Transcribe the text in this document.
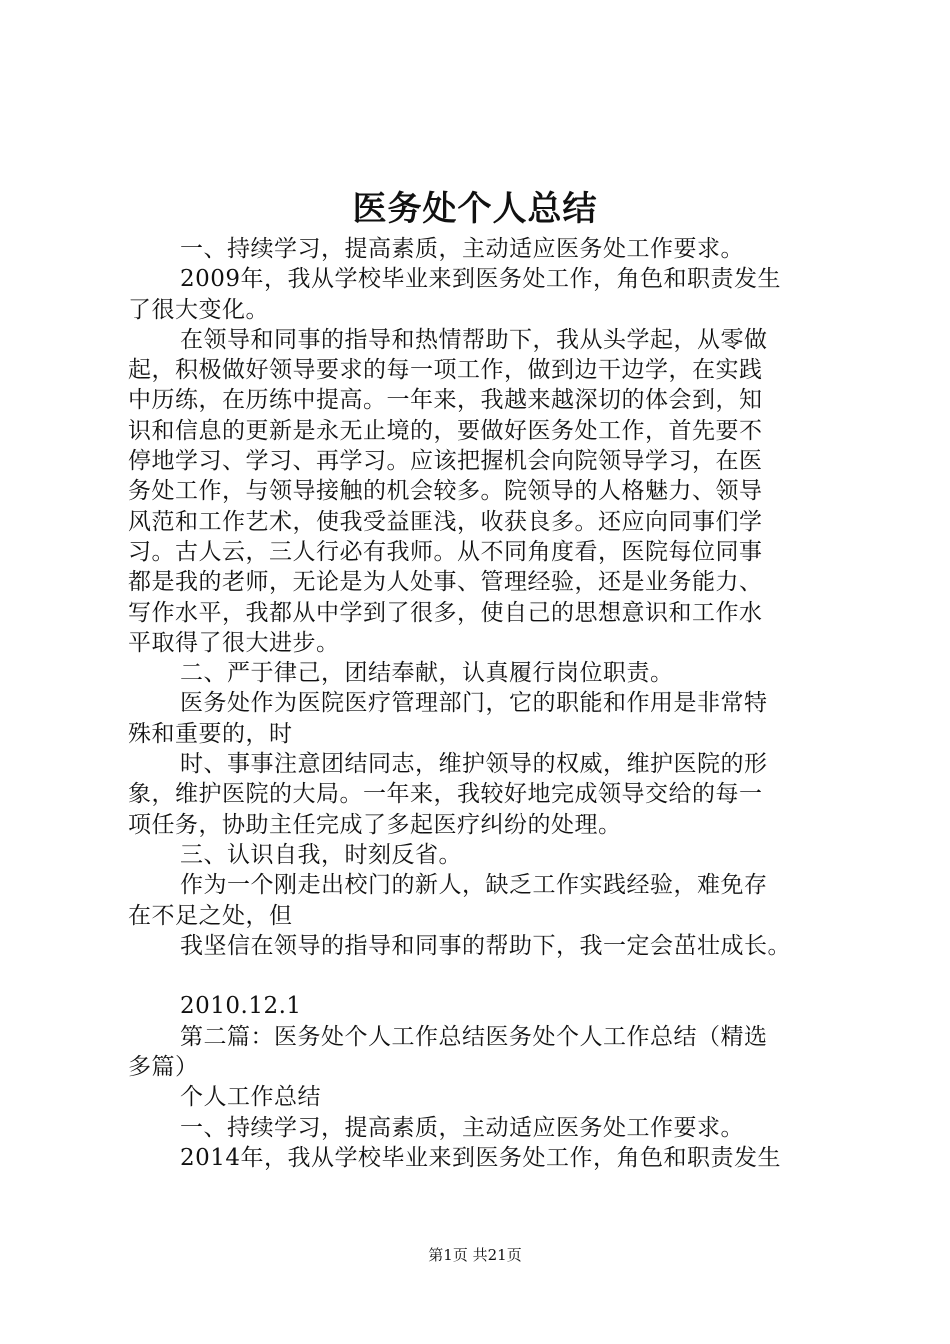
医务处个人总结
一、持续学习，提高素质，主动适应医务处工作要求。
2009年，我从学校毕业来到医务处工作，角色和职责发生
了很大变化。
在领导和同事的指导和热情帮助下，我从头学起，从零做
起，积极做好领导要求的每一项工作，做到边干边学，在实践
中历练，在历练中提高。一年来，我越来越深切的体会到，知
识和信息的更新是永无止境的，要做好医务处工作，首先要不
停地学习、学习、再学习。应该把握机会向院领导学习，在医
务处工作，与领导接触的机会较多。院领导的人格魅力、领导
风范和工作艺术，使我受益匪浅，收获良多。还应向同事们学
习。古人云，三人行必有我师。从不同角度看，医院每位同事
都是我的老师，无论是为人处事、管理经验，还是业务能力、
写作水平，我都从中学到了很多，使自己的思想意识和工作水
平取得了很大进步。
二、严于律己，团结奉献，认真履行岗位职责。
医务处作为医院医疗管理部门，它的职能和作用是非常特
殊和重要的，时
时、事事注意团结同志，维护领导的权威，维护医院的形
象，维护医院的大局。一年来，我较好地完成领导交给的每一
项任务，协助主任完成了多起医疗纠纷的处理。
三、认识自我，时刻反省。
作为一个刚走出校门的新人，缺乏工作实践经验，难免存
在不足之处，但
我坚信在领导的指导和同事的帮助下，我一定会茁壮成长。
2010.12.1
第二篇：医务处个人工作总结医务处个人工作总结（精选
多篇）
个人工作总结
一、持续学习，提高素质，主动适应医务处工作要求。
2014年，我从学校毕业来到医务处工作，角色和职责发生
第1页 共21页
